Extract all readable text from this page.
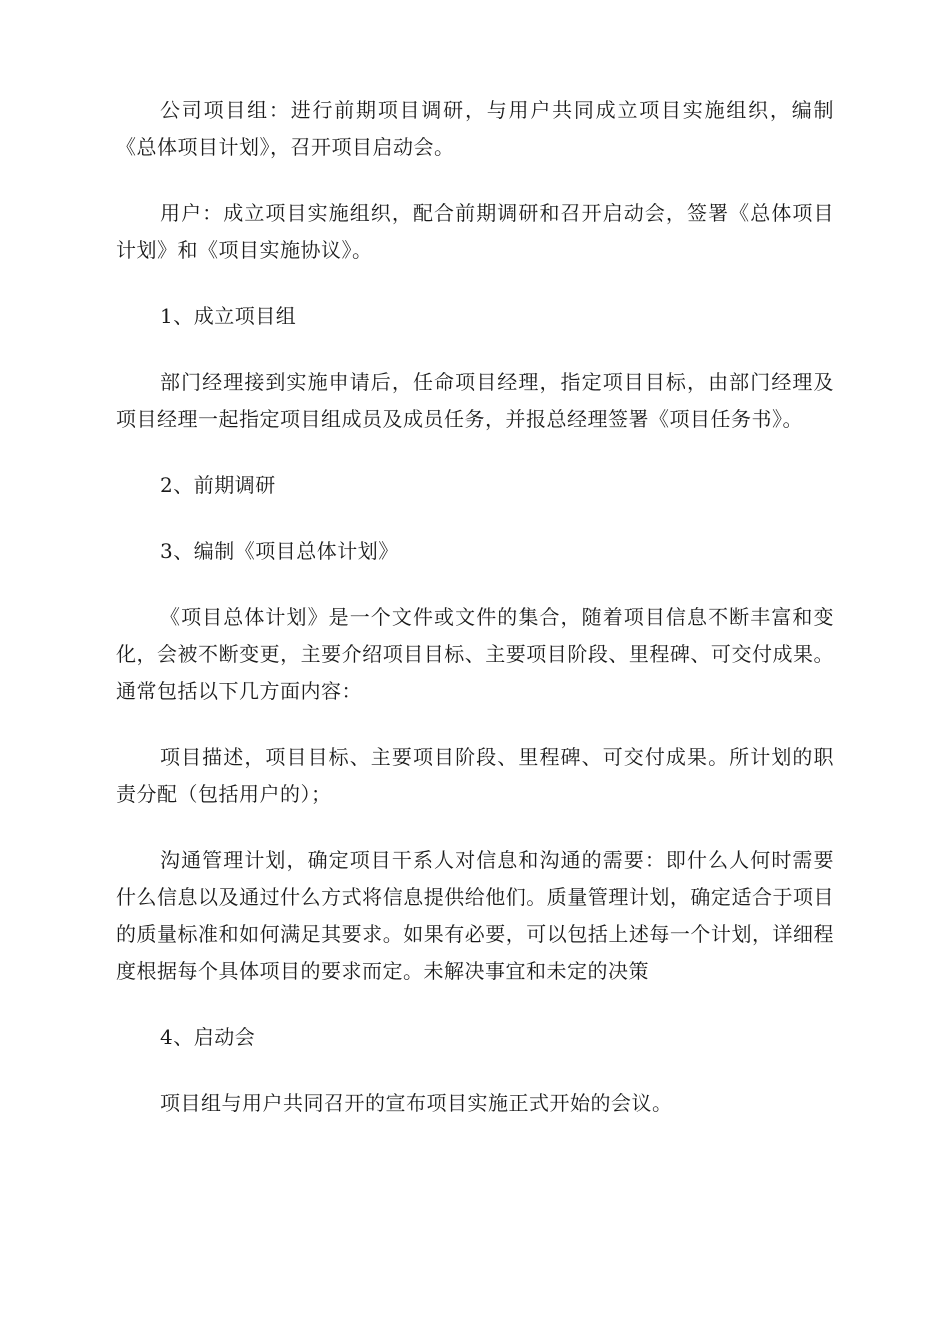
公司项目组：进行前期项目调研，与用户共同成立项目实施组织，编制《总体项目计划》，召开项目启动会。

用户：成立项目实施组织，配合前期调研和召开启动会，签署《总体项目计划》和《项目实施协议》。

1、成立项目组

部门经理接到实施申请后，任命项目经理，指定项目目标，由部门经理及项目经理一起指定项目组成员及成员任务，并报总经理签署《项目任务书》。

2、前期调研

3、编制《项目总体计划》

《项目总体计划》是一个文件或文件的集合，随着项目信息不断丰富和变化，会被不断变更，主要介绍项目目标、主要项目阶段、里程碑、可交付成果。通常包括以下几方面内容：

项目描述，项目目标、主要项目阶段、里程碑、可交付成果。所计划的职责分配（包括用户的）；

沟通管理计划，确定项目干系人对信息和沟通的需要：即什么人何时需要什么信息以及通过什么方式将信息提供给他们。质量管理计划，确定适合于项目的质量标准和如何满足其要求。如果有必要，可以包括上述每一个计划，详细程度根据每个具体项目的要求而定。未解决事宜和未定的决策

4、启动会

项目组与用户共同召开的宣布项目实施正式开始的会议。
